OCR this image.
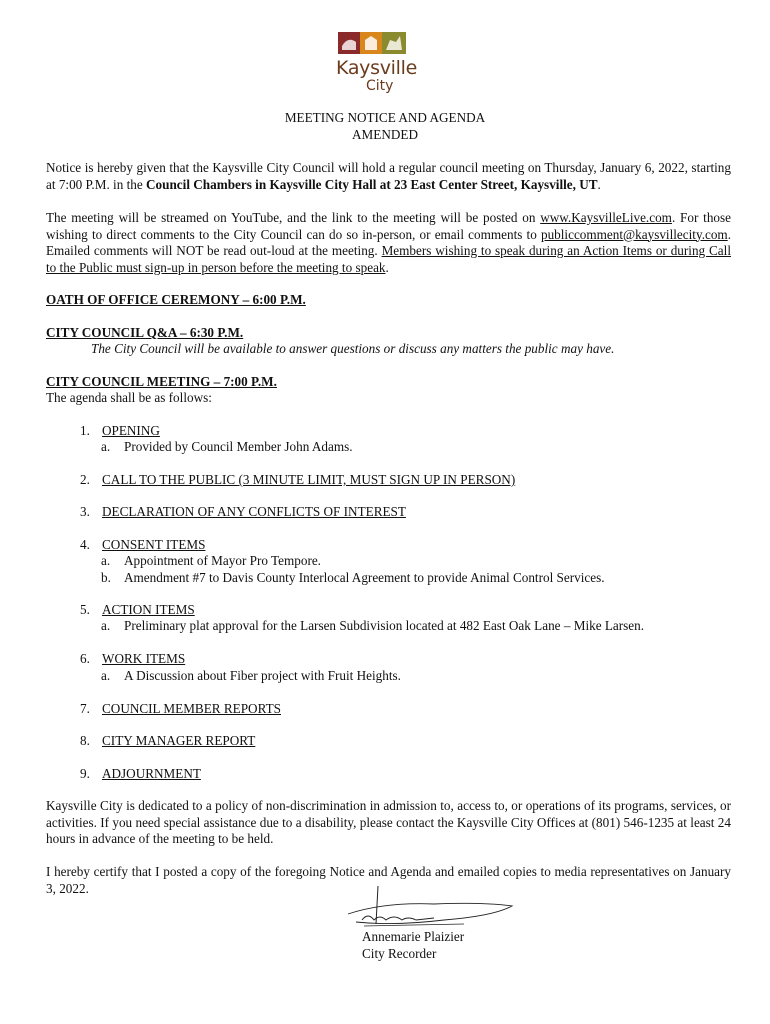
Kaysville
City
MEETING NOTICE AND AGENDA
AMENDED
Notice is hereby given that the Kaysville City Council will hold a regular council meeting on Thursday, January 6, 2022, starting at 7:00 P.M. in the Council Chambers in Kaysville City Hall at 23 East Center Street, Kaysville, UT.
The meeting will be streamed on YouTube, and the link to the meeting will be posted on www.KaysvilleLive.com. For those wishing to direct comments to the City Council can do so in-person, or email comments to publiccomment@kaysvillecity.com. Emailed comments will NOT be read out-loud at the meeting. Members wishing to speak during an Action Items or during Call to the Public must sign-up in person before the meeting to speak.
OATH OF OFFICE CEREMONY – 6:00 P.M.
CITY COUNCIL Q&A – 6:30 P.M.
The City Council will be available to answer questions or discuss any matters the public may have.
CITY COUNCIL MEETING – 7:00 P.M.
The agenda shall be as follows:
1. OPENING
a. Provided by Council Member John Adams.
2. CALL TO THE PUBLIC (3 MINUTE LIMIT, MUST SIGN UP IN PERSON)
3. DECLARATION OF ANY CONFLICTS OF INTEREST
4. CONSENT ITEMS
a. Appointment of Mayor Pro Tempore.
b. Amendment #7 to Davis County Interlocal Agreement to provide Animal Control Services.
5. ACTION ITEMS
a. Preliminary plat approval for the Larsen Subdivision located at 482 East Oak Lane – Mike Larsen.
6. WORK ITEMS
a. A Discussion about Fiber project with Fruit Heights.
7. COUNCIL MEMBER REPORTS
8. CITY MANAGER REPORT
9. ADJOURNMENT
Kaysville City is dedicated to a policy of non-discrimination in admission to, access to, or operations of its programs, services, or activities. If you need special assistance due to a disability, please contact the Kaysville City Offices at (801) 546-1235 at least 24 hours in advance of the meeting to be held.
I hereby certify that I posted a copy of the foregoing Notice and Agenda and emailed copies to media representatives on January 3, 2022.
Annemarie Plaizier
City Recorder
